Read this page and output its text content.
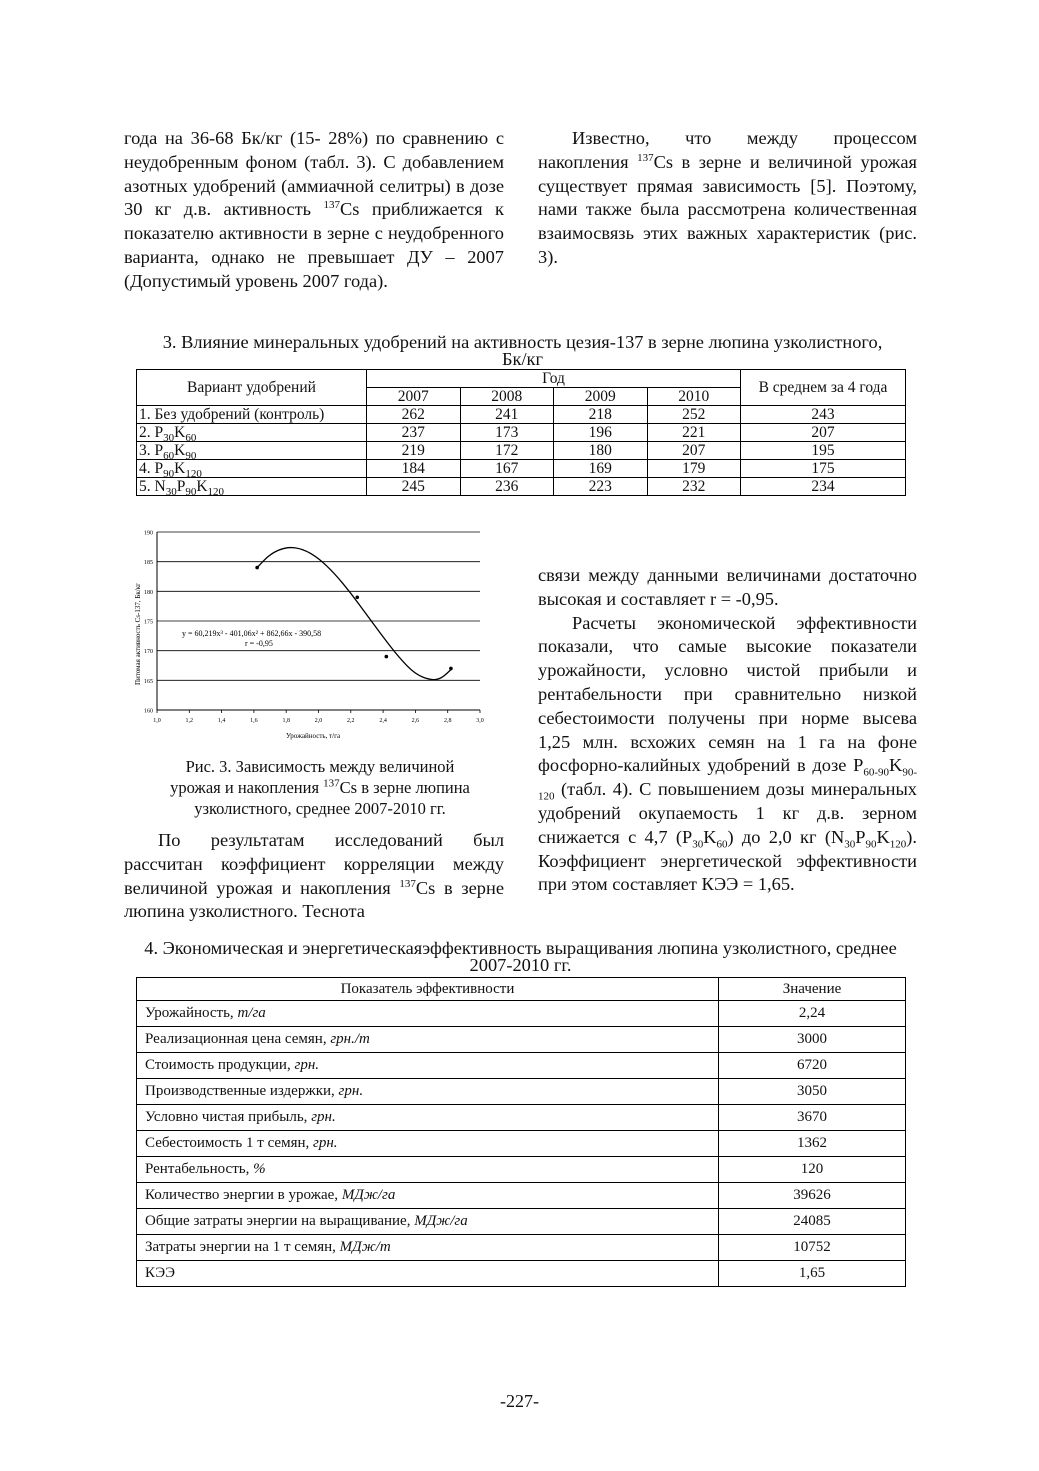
года на 36-68 Бк/кг (15- 28%) по сравнению с неудобренным фоном (табл. 3). С добавлением азотных удобрений (аммиачной селитры) в дозе 30 кг д.в. активность $^{137}$Cs приближается к показателю активности в зерне с неудобренного варианта, однако не превышает ДУ – 2007 (Допустимый уровень 2007 года).

Известно, что между процессом накопления $^{137}$Cs в зерне и величиной урожая существует прямая зависимость [5]. Поэтому, нами также была рассмотрена количественная взаимосвязь этих важных характеристик (рис. 3).

3. Влияние минеральных удобрений на активность цезия-137 в зерне люпина узколистного, Бк/кг
Вариант удобрений	Год				В среднем за 4 года
	2007	2008	2009	2010	
1. Без удобрений (контроль)	262	241	218	252	243
2. $P_{30}K_{60}$	237	173	196	221	207
3. $P_{60}K_{90}$	219	172	180	207	195
4. $P_{90}K_{120}$	184	167	169	179	175
5. $N_{30}P_{90}K_{120}$	245	236	223	232	234
160
165
170
175
180
185
190
1,0	1,2	1,4	1,6	1,8	2,0	2,2	2,4	2,6	2,8	3,0
y = 60,219x³ - 401,06x² + 862,66x - 390,58
r = -0,95
Урожайность, т/га
Питомая активность Cs-137, Бк/кг
Рис. 3. Зависимость между величиной
урожая и накопления $^{137}$Cs в зерне люпина
узколистного, среднее 2007-2010 гг.

По результатам исследований был рассчитан коэффициент корреляции между величиной урожая и накопления $^{137}$Cs в зерне люпина узколистного. Теснота

связи между данными величинами достаточно высокая и составляет r = -0,95.

Расчеты экономической эффективности показали, что самые высокие показатели урожайности, условно чистой прибыли и рентабельности при сравнительно низкой себестоимости получены при норме высева 1,25 млн. всхожих семян на 1 га на фоне фосфорно-калийных удобрений в дозе $P_{60-90}K_{90-120}$ (табл. 4). С повышением дозы минеральных удобрений окупаемость 1 кг д.в. зерном снижается с 4,7 $(P_{30}K_{60})$ до 2,0 кг $(N_{30}P_{90}K_{120})$. Коэффициент энергетической эффективности при этом составляет КЭЭ = 1,65.

4. Экономическая и энергетическаяэффективность выращивания люпина узколистного, среднее 2007-2010 гг.
Показатель эффективности	Значение
Урожайность, т/га	2,24
Реализационная цена семян, грн./т	3000
Стоимость продукции, грн.	6720
Производственные издержки, грн.	3050
Условно чистая прибыль, грн.	3670
Себестоимость 1 т семян, грн.	1362
Рентабельность, %	120
Количество энергии в урожае, МДж/га	39626
Общие затраты энергии на выращивание, МДж/га	24085
Затраты энергии на 1 т семян, МДж/т	10752
КЭЭ	1,65
-227-
